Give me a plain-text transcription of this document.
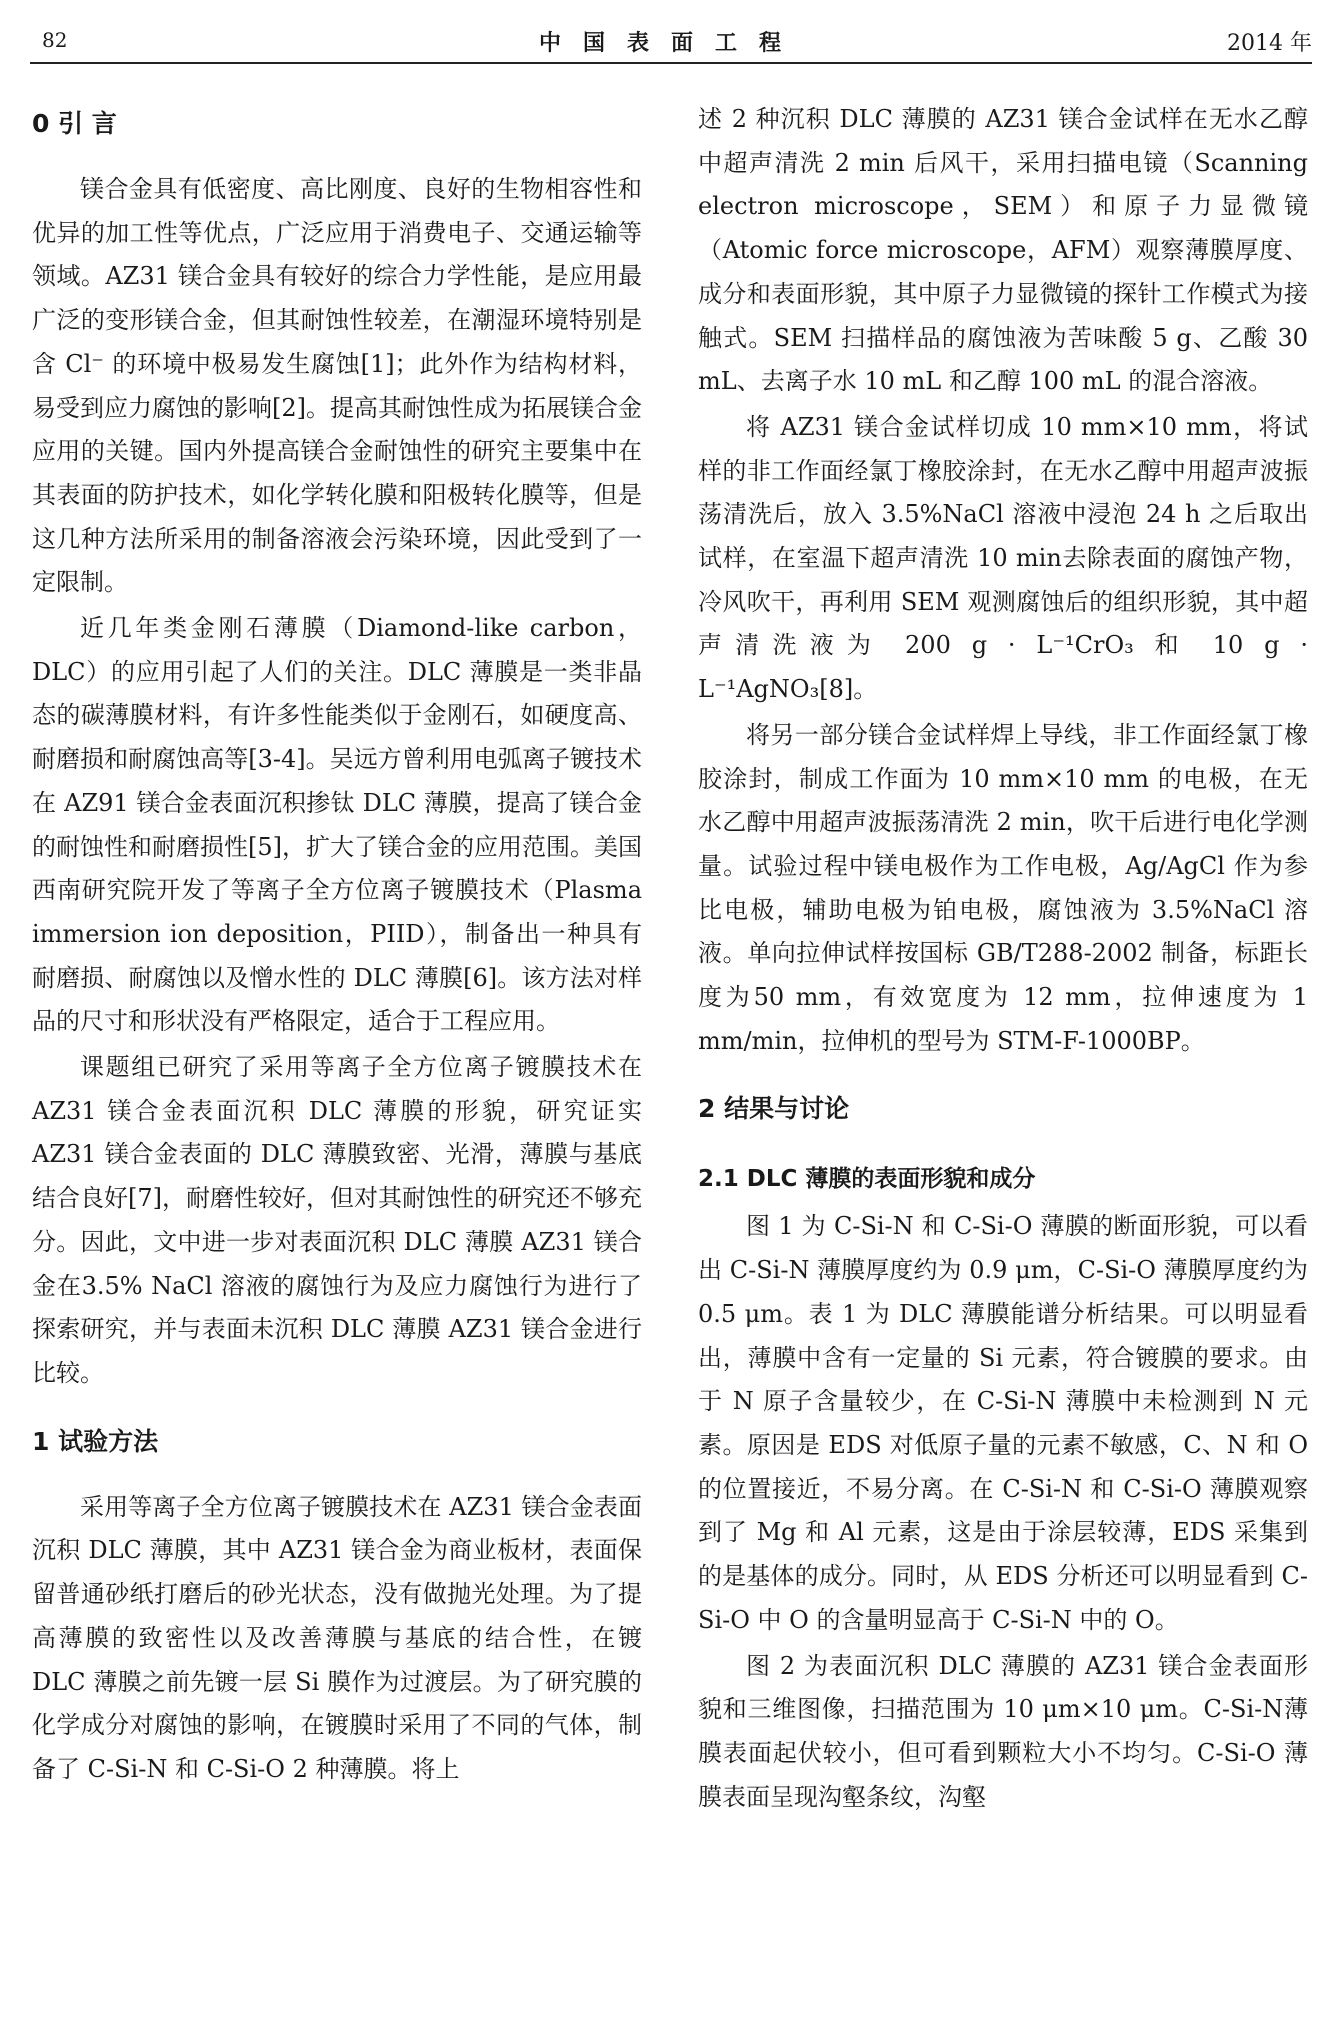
82	中国表面工程	2014 年
0 引 言

镁合金具有低密度、高比刚度、良好的生物相容性和优异的加工性等优点，广泛应用于消费电子、交通运输等领域。AZ31 镁合金具有较好的综合力学性能，是应用最广泛的变形镁合金，但其耐蚀性较差，在潮湿环境特别是含 Cl⁻ 的环境中极易发生腐蚀[1]；此外作为结构材料，易受到应力腐蚀的影响[2]。提高其耐蚀性成为拓展镁合金应用的关键。国内外提高镁合金耐蚀性的研究主要集中在其表面的防护技术，如化学转化膜和阳极转化膜等，但是这几种方法所采用的制备溶液会污染环境，因此受到了一定限制。

近几年类金刚石薄膜（Diamond-like carbon，DLC）的应用引起了人们的关注。DLC 薄膜是一类非晶态的碳薄膜材料，有许多性能类似于金刚石，如硬度高、耐磨损和耐腐蚀高等[3-4]。吴远方曾利用电弧离子镀技术在 AZ91 镁合金表面沉积掺钛 DLC 薄膜，提高了镁合金的耐蚀性和耐磨损性[5]，扩大了镁合金的应用范围。美国西南研究院开发了等离子全方位离子镀膜技术（Plasma immersion ion deposition，PIID），制备出一种具有耐磨损、耐腐蚀以及憎水性的 DLC 薄膜[6]。该方法对样品的尺寸和形状没有严格限定，适合于工程应用。

课题组已研究了采用等离子全方位离子镀膜技术在 AZ31 镁合金表面沉积 DLC 薄膜的形貌，研究证实 AZ31 镁合金表面的 DLC 薄膜致密、光滑，薄膜与基底结合良好[7]，耐磨性较好，但对其耐蚀性的研究还不够充分。因此，文中进一步对表面沉积 DLC 薄膜 AZ31 镁合金在3.5% NaCl 溶液的腐蚀行为及应力腐蚀行为进行了探索研究，并与表面未沉积 DLC 薄膜 AZ31 镁合金进行比较。

1 试验方法

采用等离子全方位离子镀膜技术在 AZ31 镁合金表面沉积 DLC 薄膜，其中 AZ31 镁合金为商业板材，表面保留普通砂纸打磨后的砂光状态，没有做抛光处理。为了提高薄膜的致密性以及改善薄膜与基底的结合性，在镀 DLC 薄膜之前先镀一层 Si 膜作为过渡层。为了研究膜的化学成分对腐蚀的影响，在镀膜时采用了不同的气体，制备了 C-Si-N 和 C-Si-O 2 种薄膜。将上

述 2 种沉积 DLC 薄膜的 AZ31 镁合金试样在无水乙醇中超声清洗 2 min 后风干，采用扫描电镜（Scanning electron microscope，SEM）和原子力显微镜（Atomic force microscope，AFM）观察薄膜厚度、成分和表面形貌，其中原子力显微镜的探针工作模式为接触式。SEM 扫描样品的腐蚀液为苦味酸 5 g、乙酸 30 mL、去离子水 10 mL 和乙醇 100 mL 的混合溶液。

将 AZ31 镁合金试样切成 10 mm×10 mm，将试样的非工作面经氯丁橡胶涂封，在无水乙醇中用超声波振荡清洗后，放入 3.5%NaCl 溶液中浸泡 24 h 之后取出试样，在室温下超声清洗 10 min去除表面的腐蚀产物，冷风吹干，再利用 SEM 观测腐蚀后的组织形貌，其中超声清洗液为 200 g · L⁻¹CrO₃ 和 10 g · L⁻¹AgNO₃[8]。

将另一部分镁合金试样焊上导线，非工作面经氯丁橡胶涂封，制成工作面为 10 mm×10 mm 的电极，在无水乙醇中用超声波振荡清洗 2 min，吹干后进行电化学测量。试验过程中镁电极作为工作电极，Ag/AgCl 作为参比电极，辅助电极为铂电极，腐蚀液为 3.5%NaCl 溶液。单向拉伸试样按国标 GB/T288-2002 制备，标距长度为50 mm，有效宽度为 12 mm，拉伸速度为 1 mm/min，拉伸机的型号为 STM-F-1000BP。

2 结果与讨论
2.1 DLC 薄膜的表面形貌和成分

图 1 为 C-Si-N 和 C-Si-O 薄膜的断面形貌，可以看出 C-Si-N 薄膜厚度约为 0.9 μm，C-Si-O 薄膜厚度约为 0.5 μm。表 1 为 DLC 薄膜能谱分析结果。可以明显看出，薄膜中含有一定量的 Si 元素，符合镀膜的要求。由于 N 原子含量较少，在 C-Si-N 薄膜中未检测到 N 元素。原因是 EDS 对低原子量的元素不敏感，C、N 和 O 的位置接近，不易分离。在 C-Si-N 和 C-Si-O 薄膜观察到了 Mg 和 Al 元素，这是由于涂层较薄，EDS 采集到的是基体的成分。同时，从 EDS 分析还可以明显看到 C-Si-O 中 O 的含量明显高于 C-Si-N 中的 O。

图 2 为表面沉积 DLC 薄膜的 AZ31 镁合金表面形貌和三维图像，扫描范围为 10 μm×10 μm。C-Si-N薄膜表面起伏较小，但可看到颗粒大小不均匀。C-Si-O 薄膜表面呈现沟壑条纹，沟壑
